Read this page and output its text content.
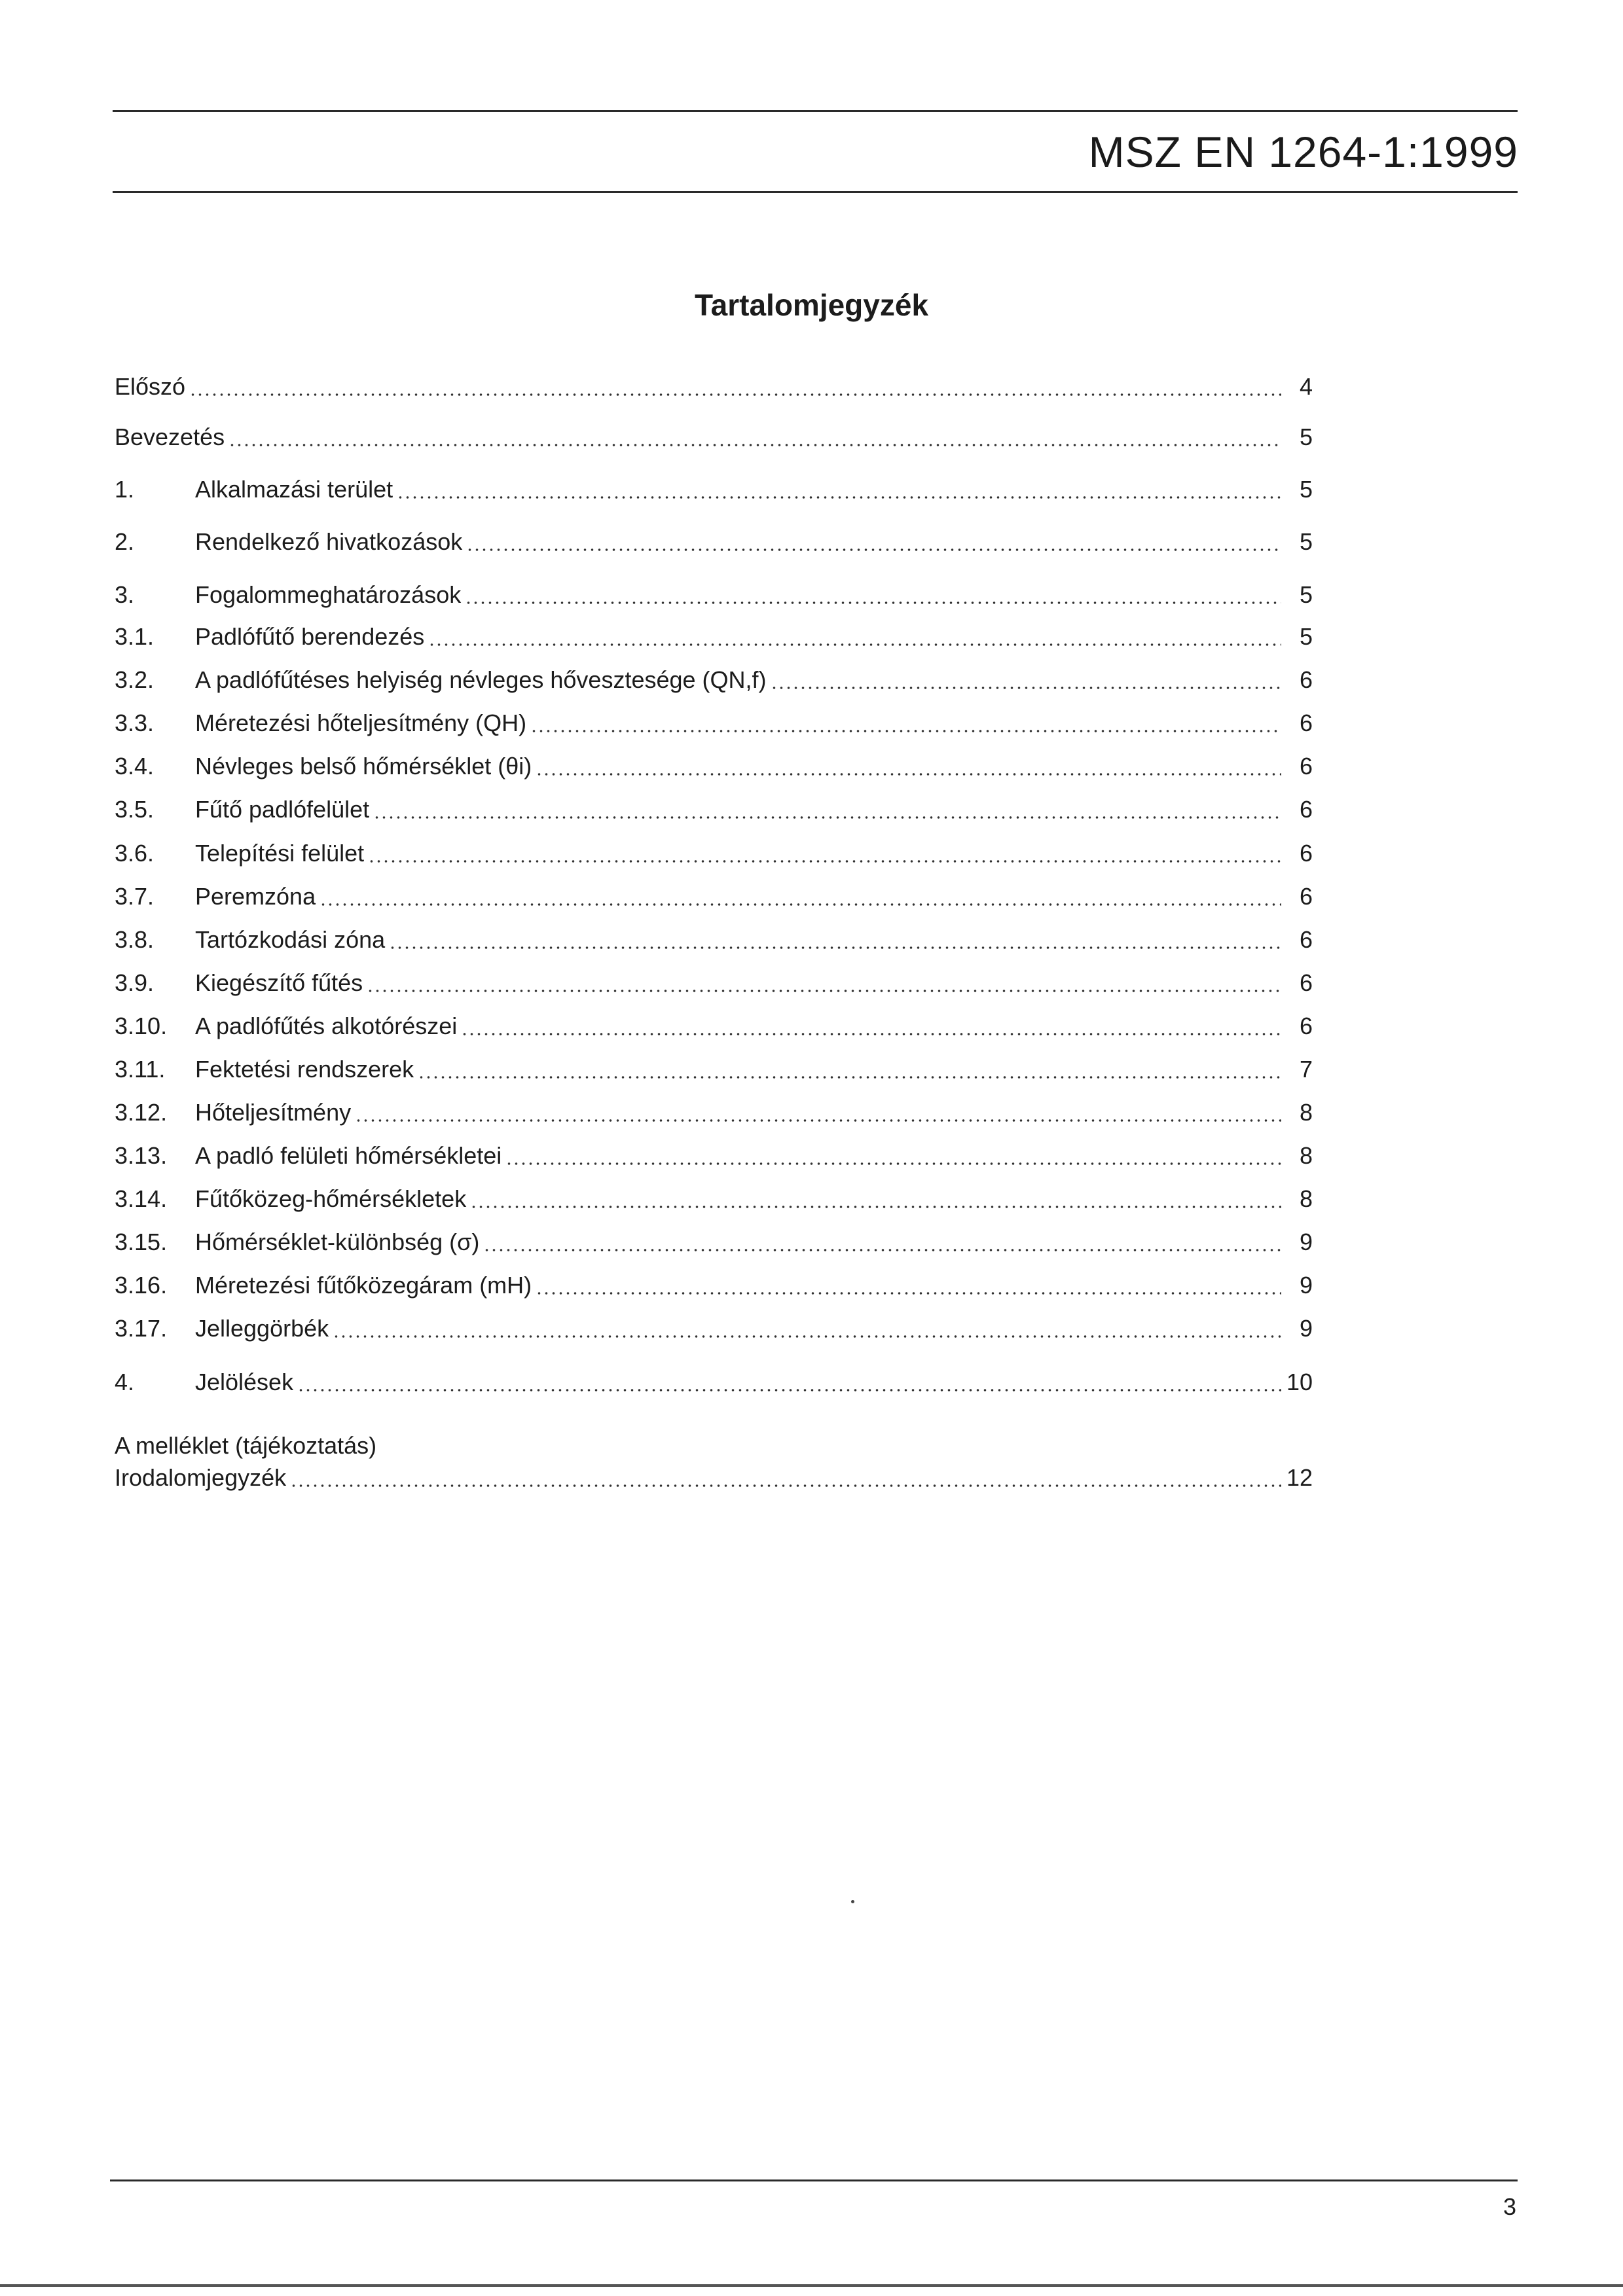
MSZ EN 1264-1:1999
Tartalomjegyzék
A melléklet (tájékoztatás)
Előszó	4
Bevezetés	5
1.	Alkalmazási terület	5
2.	Rendelkező hivatkozások	5
3.	Fogalommeghatározások	5
3.1.	Padlófűtő berendezés	5
3.2.	A padlófűtéses helyiség névleges hővesztesége (QN,f)	6
3.3.	Méretezési hőteljesítmény (QH)	6
3.4.	Névleges belső hőmérséklet (θi)	6
3.5.	Fűtő padlófelület	6
3.6.	Telepítési felület	6
3.7.	Peremzóna	6
3.8.	Tartózkodási zóna	6
3.9.	Kiegészítő fűtés	6
3.10.	A padlófűtés alkotórészei	6
3.11.	Fektetési rendszerek	7
3.12.	Hőteljesítmény	8
3.13.	A padló felületi hőmérsékletei	8
3.14.	Fűtőközeg-hőmérsékletek	8
3.15.	Hőmérséklet-különbség (σ)	9
3.16.	Méretezési fűtőközegáram (mH)	9
3.17.	Jelleggörbék	9
4.	Jelölések	10
Irodalomjegyzék	12
3
